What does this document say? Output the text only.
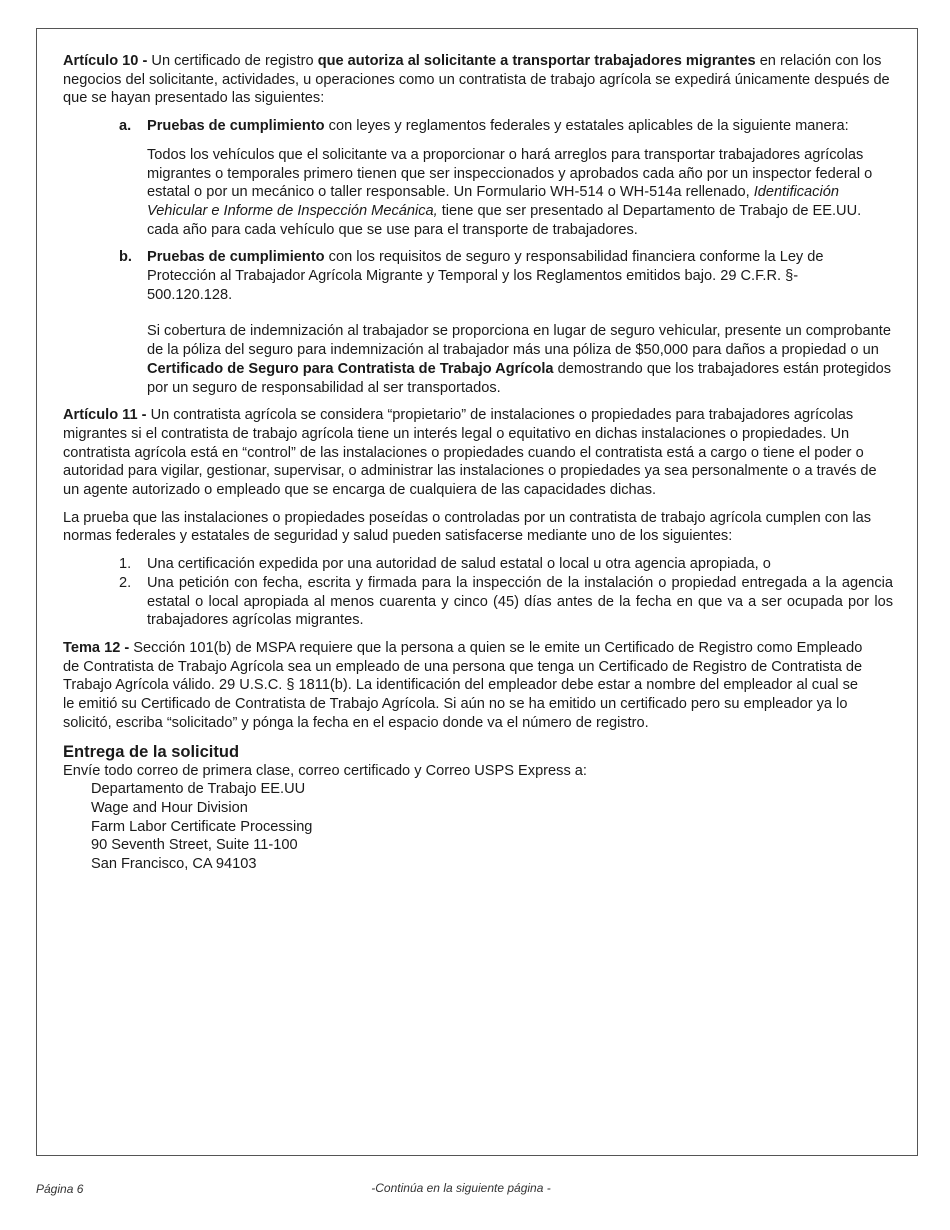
Artículo 10 - Un certificado de registro que autoriza al solicitante a transportar trabajadores migrantes en relación con los negocios del solicitante, actividades, u operaciones como un contratista de trabajo agrícola se expedirá únicamente después de que se hayan presentado las siguientes:

a. Pruebas de cumplimiento con leyes y reglamentos federales y estatales aplicables de la siguiente manera:

Todos los vehículos que el solicitante va a proporcionar o hará arreglos para transportar trabajadores agrícolas migrantes o temporales primero tienen que ser inspeccionados y aprobados cada año por un inspector federal o estatal o por un mecánico o taller responsable. Un Formulario WH-514 o WH-514a rellenado, Identificación Vehicular e Informe de Inspección Mecánica, tiene que ser presentado al Departamento de Trabajo de EE.UU. cada año para cada vehículo que se use para el transporte de trabajadores.

b. Pruebas de cumplimiento con los requisitos de seguro y responsabilidad financiera conforme la Ley de Protección al Trabajador Agrícola Migrante y Temporal y los Reglamentos emitidos bajo. 29 C.F.R. §- 500.120.128.

Si cobertura de indemnización al trabajador se proporciona en lugar de seguro vehicular, presente un comprobante de la póliza del seguro para indemnización al trabajador más una póliza de $50,000 para daños a propiedad o un Certificado de Seguro para Contratista de Trabajo Agrícola demostrando que los trabajadores están protegidos por un seguro de responsabilidad al ser transportados.

Artículo 11 - Un contratista agrícola se considera “propietario” de instalaciones o propiedades para trabajadores agrícolas migrantes si el contratista de trabajo agrícola tiene un interés legal o equitativo en dichas instalaciones o propiedades. Un contratista agrícola está en “control” de las instalaciones o propiedades cuando el contratista está a cargo o tiene el poder o autoridad para vigilar, gestionar, supervisar, o administrar las instalaciones o propiedades ya sea personalmente o a través de un agente autorizado o empleado que se encarga de cualquiera de las capacidades dichas.

La prueba que las instalaciones o propiedades poseídas o controladas por un contratista de trabajo agrícola cumplen con las normas federales y estatales de seguridad y salud pueden satisfacerse mediante uno de los siguientes:

1. Una certificación expedida por una autoridad de salud estatal o local u otra agencia apropiada, o

2. Una petición con fecha, escrita y firmada para la inspección de la instalación o propiedad entregada a la agencia estatal o local apropiada al menos cuarenta y cinco (45) días antes de la fecha en que va a ser ocupada por los trabajadores agrícolas migrantes.

Tema 12 - Sección 101(b) de MSPA requiere que la persona a quien se le emite un Certificado de Registro como Empleado de Contratista de Trabajo Agrícola sea un empleado de una persona que tenga un Certificado de Registro de Contratista de Trabajo Agrícola válido. 29 U.S.C. § 1811(b). La identificación del empleador debe estar a nombre del empleador al cual se le emitió su Certificado de Contratista de Trabajo Agrícola. Si aún no se ha emitido un certificado pero su empleador ya lo solicitó, escriba “solicitado” y pónga la fecha en el espacio donde va el número de registro.

Entrega de la solicitud

Envíe todo correo de primera clase, correo certificado y Correo USPS Express a:

Departamento de Trabajo EE.UU

Wage and Hour Division

Farm Labor Certificate Processing

90 Seventh Street, Suite 11-100

San Francisco, CA 94103

Página 6	-Continúa en la siguiente página -
